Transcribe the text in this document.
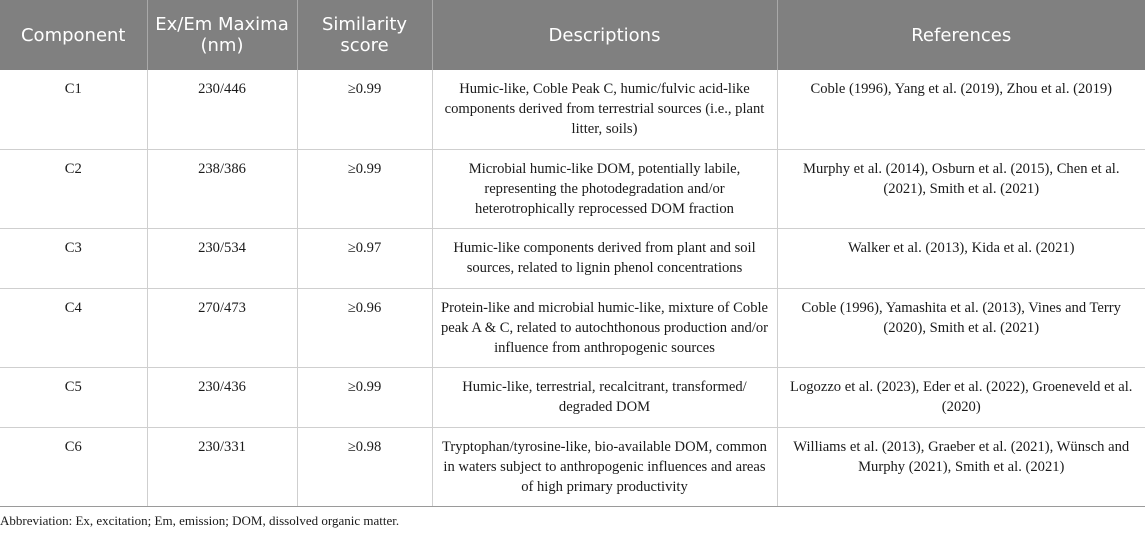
Component	Ex/Em Maxima (nm)	Similarity score	Descriptions	References
C1	230/446	≥0.99	Humic-like, Coble Peak C, humic/fulvic acid-like components derived from terrestrial sources (i.e., plant litter, soils)	Coble (1996), Yang et al. (2019), Zhou et al. (2019)
C2	238/386	≥0.99	Microbial humic-like DOM, potentially labile, representing the photodegradation and/or heterotrophically reprocessed DOM fraction	Murphy et al. (2014), Osburn et al. (2015), Chen et al. (2021), Smith et al. (2021)
C3	230/534	≥0.97	Humic-like components derived from plant and soil sources, related to lignin phenol concentrations	Walker et al. (2013), Kida et al. (2021)
C4	270/473	≥0.96	Protein-like and microbial humic-like, mixture of Coble peak A & C, related to autochthonous production and/or influence from anthropogenic sources	Coble (1996), Yamashita et al. (2013), Vines and Terry (2020), Smith et al. (2021)
C5	230/436	≥0.99	Humic-like, terrestrial, recalcitrant, transformed/ degraded DOM	Logozzo et al. (2023), Eder et al. (2022), Groeneveld et al. (2020)
C6	230/331	≥0.98	Tryptophan/tyrosine-like, bio-available DOM, common in waters subject to anthropogenic influences and areas of high primary productivity	Williams et al. (2013), Graeber et al. (2021), Wünsch and Murphy (2021), Smith et al. (2021)
Abbreviation: Ex, excitation; Em, emission; DOM, dissolved organic matter.
